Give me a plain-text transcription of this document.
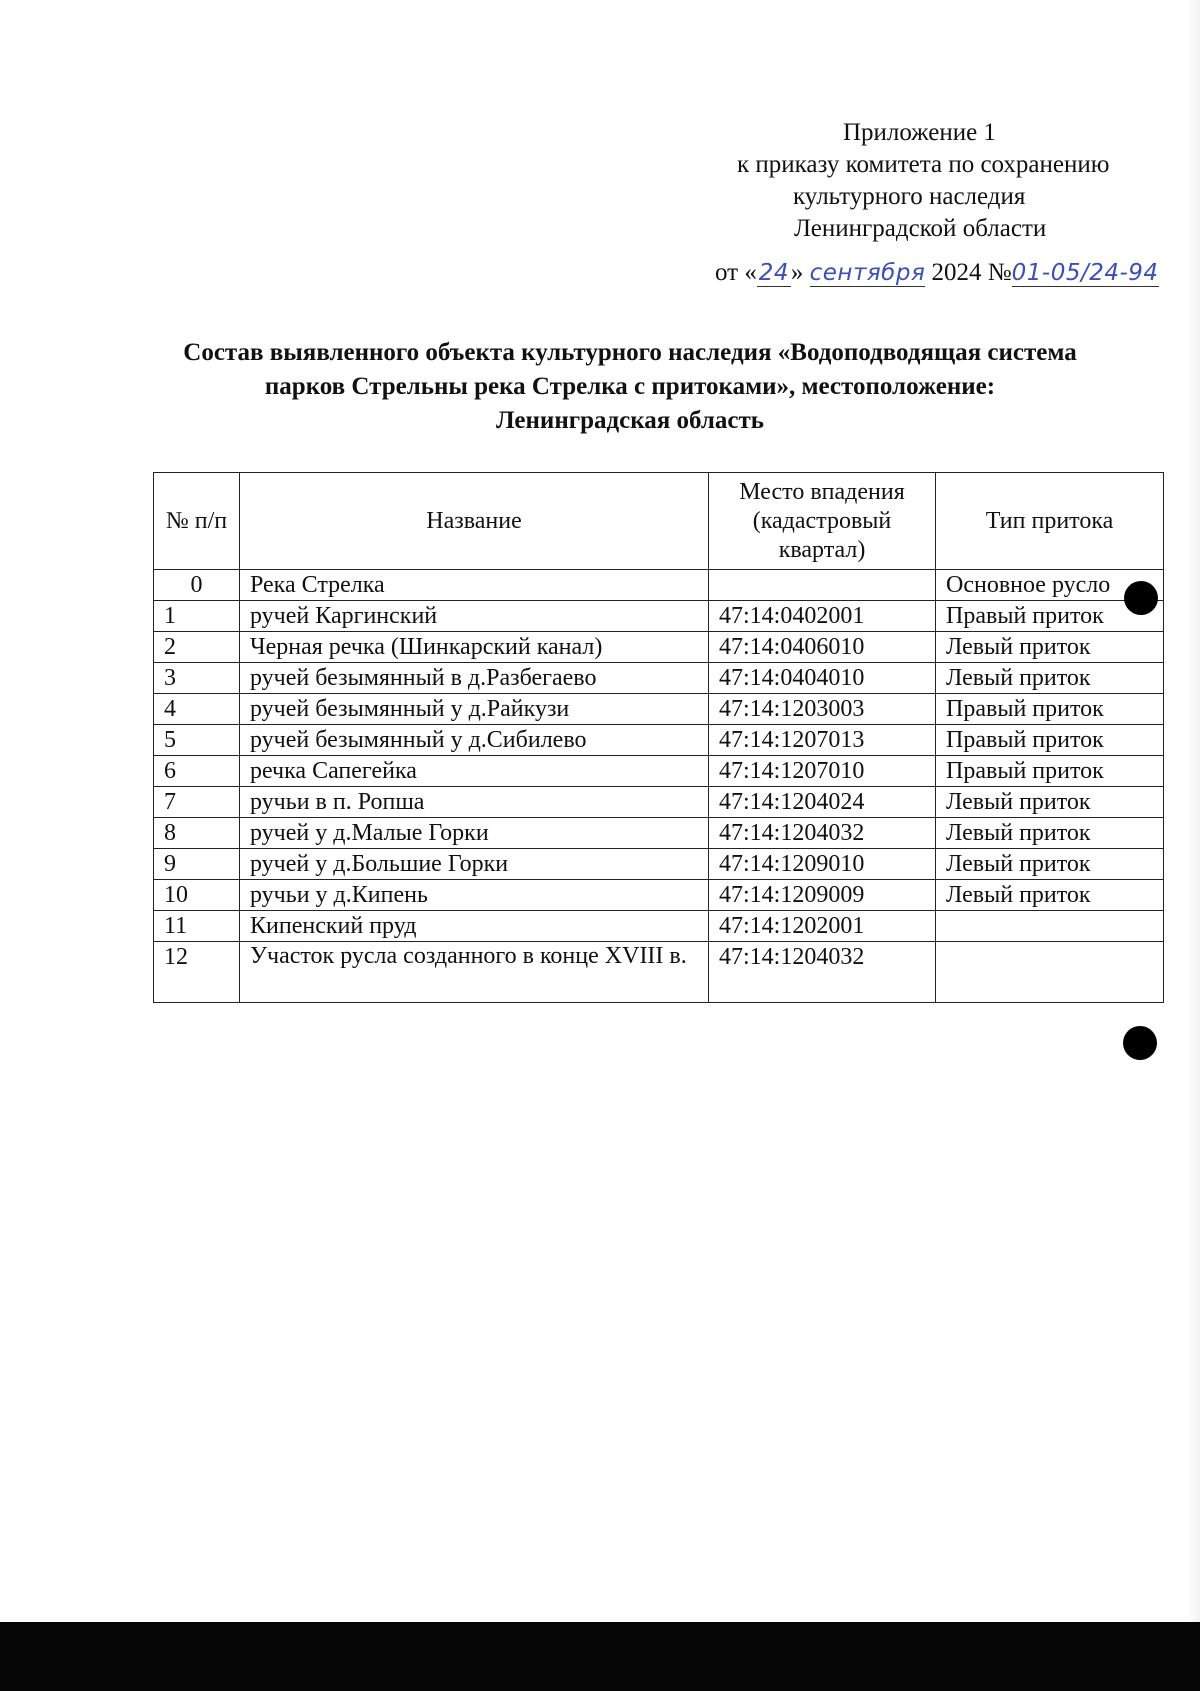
Приложение 1
к приказу комитета по сохранению
культурного наследия
Ленинградской области
от «24» сентября 2024 №01-05/24-94
Состав выявленного объекта культурного наследия «Водоподводящая система
парков Стрельны река Стрелка с притоками», местоположение:
Ленинградская область
№ п/п	Название	Место впадения (кадастровый квартал)	Тип притока
0	Река Стрелка		Основное русло
1	ручей Каргинский	47:14:0402001	Правый приток
2	Черная речка (Шинкарский канал)	47:14:0406010	Левый приток
3	ручей безымянный в д.Разбегаево	47:14:0404010	Левый приток
4	ручей безымянный у д.Райкузи	47:14:1203003	Правый приток
5	ручей безымянный у д.Сибилево	47:14:1207013	Правый приток
6	речка Сапегейка	47:14:1207010	Правый приток
7	ручьи в п. Ропша	47:14:1204024	Левый приток
8	ручей у д.Малые Горки	47:14:1204032	Левый приток
9	ручей у д.Большие Горки	47:14:1209010	Левый приток
10	ручьи у д.Кипень	47:14:1209009	Левый приток
11	Кипенский пруд	47:14:1202001	
12	Участок русла созданного в конце XVIII в.	47:14:1204032	
